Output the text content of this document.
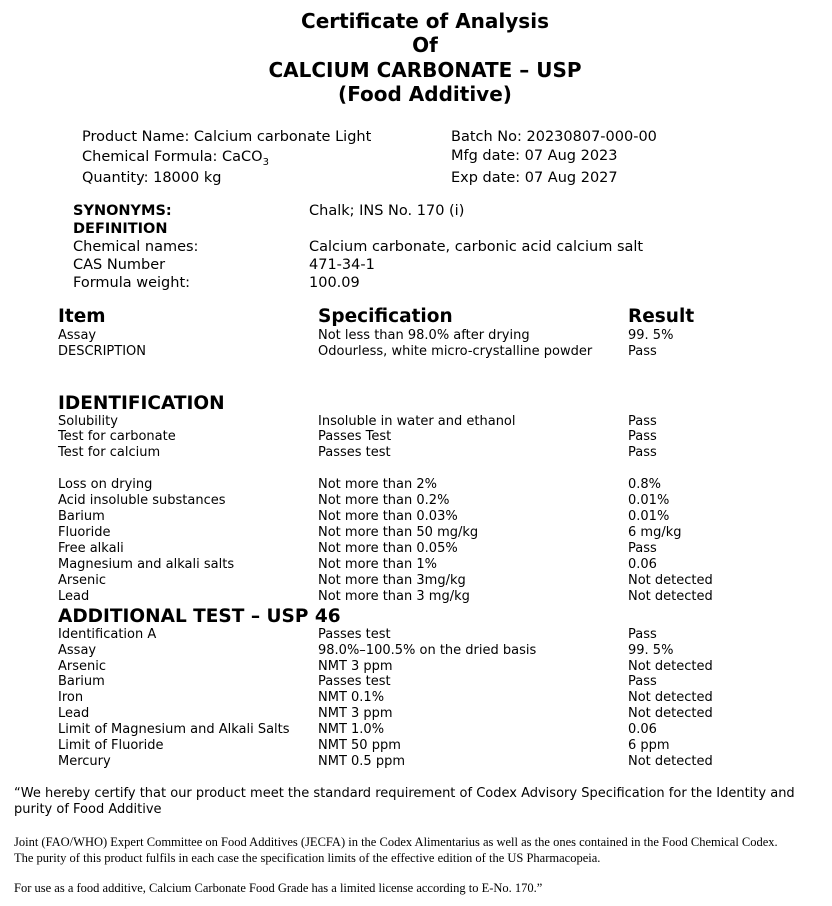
Certificate of Analysis
Of
CALCIUM CARBONATE – USP
(Food Additive)
Product Name: Calcium carbonate Light
Chemical Formula: CaCO$_3$
Quantity: 18000 kg
Batch No: 20230807-000-00
Mfg date: 07 Aug 2023
Exp date: 07 Aug 2027
SYNONYMS:	Chalk; INS No. 170 (i)
DEFINITION
Chemical names:	Calcium carbonate, carbonic acid calcium salt
CAS Number	471-34-1
Formula weight:	100.09
Item	Specification	Result
Assay	Not less than 98.0% after drying	99. 5%
DESCRIPTION	Odourless, white micro-crystalline powder	Pass
IDENTIFICATION
Solubility	Insoluble in water and ethanol	Pass
Test for carbonate	Passes Test	Pass
Test for calcium	Passes test	Pass
Loss on drying	Not more than 2%	0.8%
Acid insoluble substances	Not more than 0.2%	0.01%
Barium	Not more than 0.03%	0.01%
Fluoride	Not more than 50 mg/kg	6 mg/kg
Free alkali	Not more than 0.05%	Pass
Magnesium and alkali salts	Not more than 1%	0.06
Arsenic	Not more than 3mg/kg	Not detected
Lead	Not more than 3 mg/kg	Not detected
ADDITIONAL TEST – USP 46
Identification A	Passes test	Pass
Assay	98.0%–100.5% on the dried basis	99. 5%
Arsenic	NMT 3 ppm	Not detected
Barium	Passes test	Pass
Iron	NMT 0.1%	Not detected
Lead	NMT 3 ppm	Not detected
Limit of Magnesium and Alkali Salts NMT 1.0%	0.06
Limit of Fluoride	NMT 50 ppm	6 ppm
Mercury	NMT 0.5 ppm	Not detected
“We hereby certify that our product meet the standard requirement of Codex Advisory Specification for the Identity and purity of Food Additive
Joint (FAO/WHO) Expert Committee on Food Additives (JECFA) in the Codex Alimentarius as well as the ones contained in the Food Chemical Codex.
The purity of this product fulfils in each case the specification limits of the effective edition of the US Pharmacopeia.
For use as a food additive, Calcium Carbonate Food Grade has a limited license according to E-No. 170.”
